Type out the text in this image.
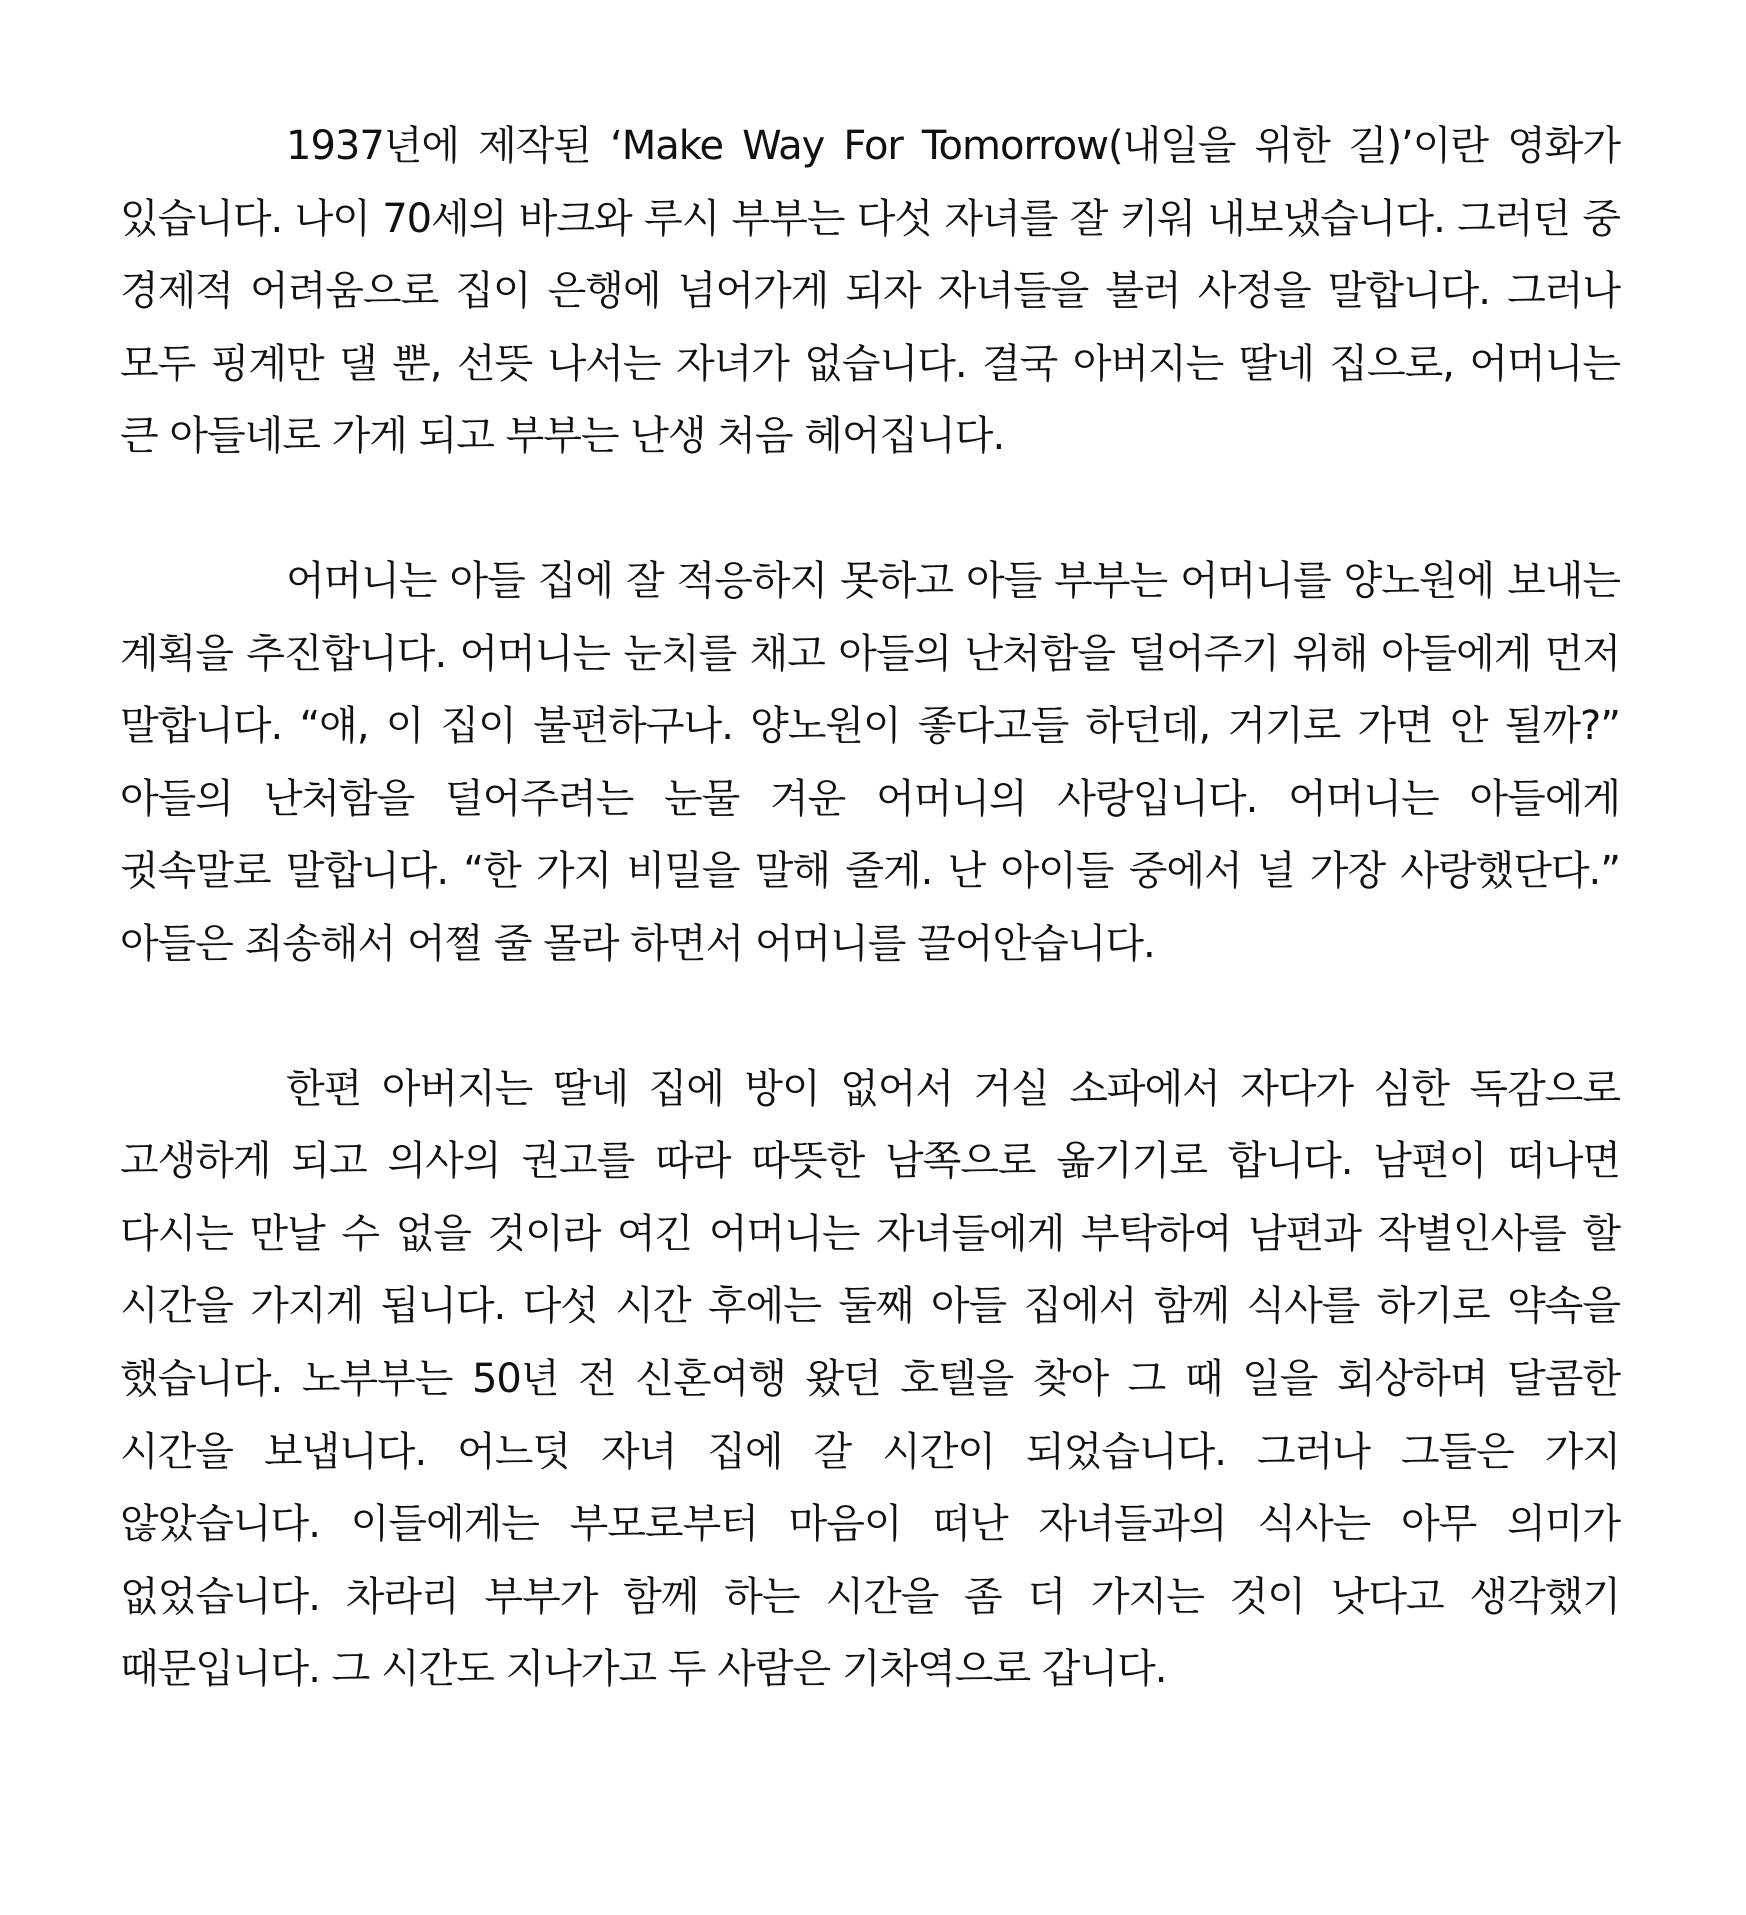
1937년에 제작된 ‘Make Way For Tomorrow(내일을 위한 길)’이란 영화가 있습니다. 나이 70세의 바크와 루시 부부는 다섯 자녀를 잘 키워 내보냈습니다. 그러던 중 경제적 어려움으로 집이 은행에 넘어가게 되자 자녀들을 불러 사정을 말합니다. 그러나 모두 핑계만 댈 뿐, 선뜻 나서는 자녀가 없습니다. 결국 아버지는 딸네 집으로, 어머니는 큰 아들네로 가게 되고 부부는 난생 처음 헤어집니다.

어머니는 아들 집에 잘 적응하지 못하고 아들 부부는 어머니를 양노원에 보내는 계획을 추진합니다. 어머니는 눈치를 채고 아들의 난처함을 덜어주기 위해 아들에게 먼저 말합니다. “얘, 이 집이 불편하구나. 양노원이 좋다고들 하던데, 거기로 가면 안 될까?” 아들의 난처함을 덜어주려는 눈물 겨운 어머니의 사랑입니다. 어머니는 아들에게 귓속말로 말합니다. “한 가지 비밀을 말해 줄게. 난 아이들 중에서 널 가장 사랑했단다.” 아들은 죄송해서 어쩔 줄 몰라 하면서 어머니를 끌어안습니다.

한편 아버지는 딸네 집에 방이 없어서 거실 소파에서 자다가 심한 독감으로 고생하게 되고 의사의 권고를 따라 따뜻한 남쪽으로 옮기기로 합니다. 남편이 떠나면 다시는 만날 수 없을 것이라 여긴 어머니는 자녀들에게 부탁하여 남편과 작별인사를 할 시간을 가지게 됩니다. 다섯 시간 후에는 둘째 아들 집에서 함께 식사를 하기로 약속을 했습니다. 노부부는 50년 전 신혼여행 왔던 호텔을 찾아 그 때 일을 회상하며 달콤한 시간을 보냅니다. 어느덧 자녀 집에 갈 시간이 되었습니다. 그러나 그들은 가지 않았습니다. 이들에게는 부모로부터 마음이 떠난 자녀들과의 식사는 아무 의미가 없었습니다. 차라리 부부가 함께 하는 시간을 좀 더 가지는 것이 낫다고 생각했기 때문입니다. 그 시간도 지나가고 두 사람은 기차역으로 갑니다.
